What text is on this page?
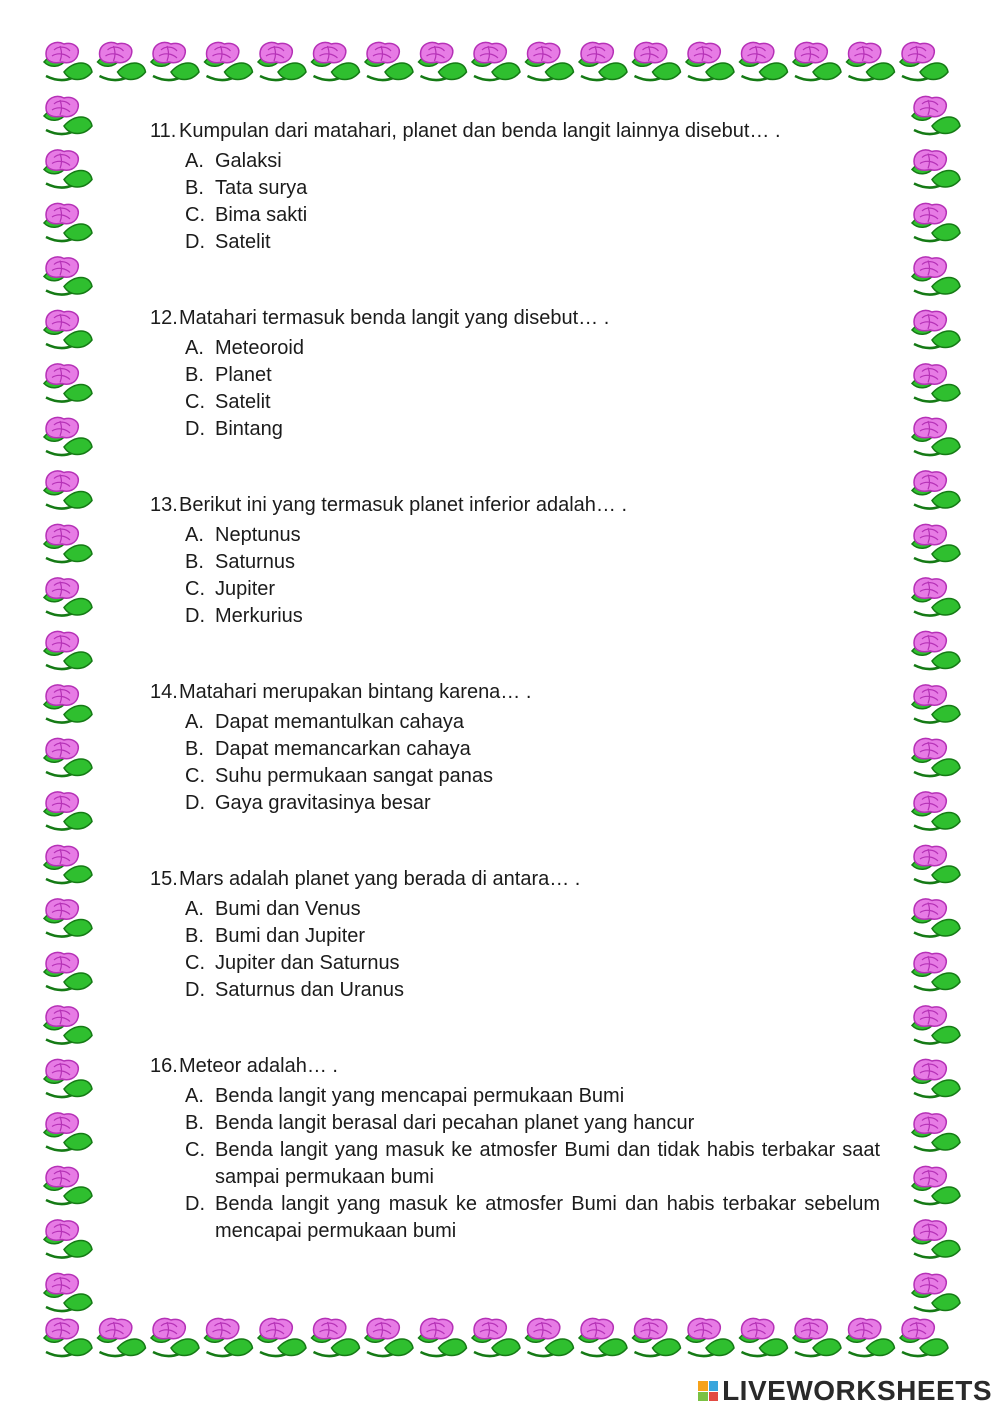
11. Kumpulan dari matahari, planet dan benda langit lainnya disebut… .
A. Galaksi
B. Tata surya
C. Bima sakti
D. Satelit
12. Matahari termasuk benda langit yang disebut… .
A. Meteoroid
B. Planet
C. Satelit
D. Bintang
13. Berikut ini yang termasuk planet inferior adalah… .
A. Neptunus
B. Saturnus
C. Jupiter
D. Merkurius
14. Matahari merupakan bintang karena… .
A. Dapat memantulkan cahaya
B. Dapat memancarkan cahaya
C. Suhu permukaan sangat panas
D. Gaya gravitasinya besar
15. Mars adalah planet yang berada di antara… .
A. Bumi dan Venus
B. Bumi dan Jupiter
C. Jupiter dan Saturnus
D. Saturnus dan Uranus
16. Meteor adalah… .
A. Benda langit yang mencapai permukaan Bumi
B. Benda langit berasal dari pecahan planet yang hancur
C. Benda langit yang masuk ke atmosfer Bumi dan tidak habis terbakar saat sampai permukaan bumi
D. Benda langit yang masuk ke atmosfer Bumi dan habis terbakar sebelum mencapai permukaan bumi
LIVEWORKSHEETS
